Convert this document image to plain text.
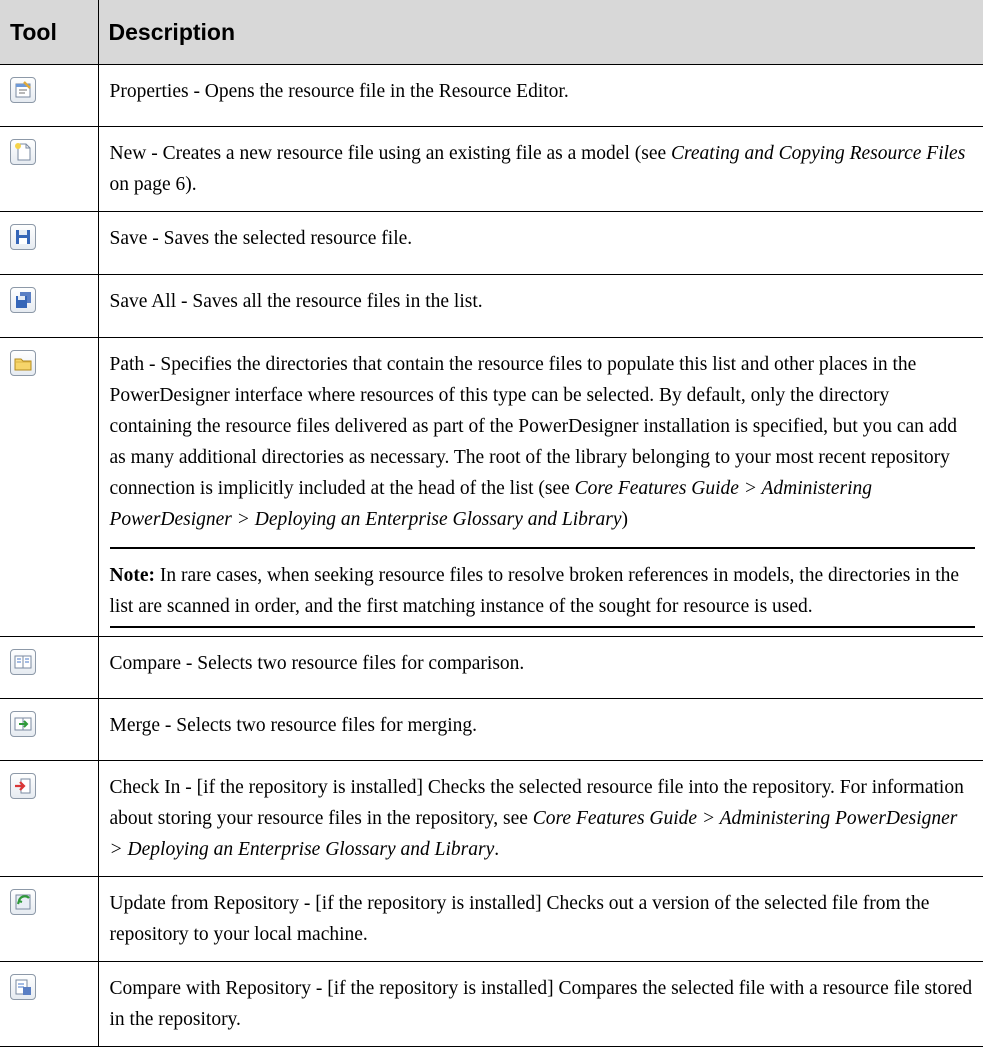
Tool	Description

Properties - Opens the resource file in the Resource Editor.

New - Creates a new resource file using an existing file as a model (see Creating and Copying Resource Files on page 6).

Save - Saves the selected resource file.

Save All - Saves all the resource files in the list.

Path - Specifies the directories that contain the resource files to populate this list and other places in the PowerDesigner interface where resources of this type can be selected. By default, only the directory containing the resource files delivered as part of the PowerDesigner installation is specified, but you can add as many additional directories as necessary. The root of the library belonging to your most recent repository connection is implicitly included at the head of the list (see Core Features Guide > Administering PowerDesigner > Deploying an Enterprise Glossary and Library)

Note: In rare cases, when seeking resource files to resolve broken references in models, the directories in the list are scanned in order, and the first matching instance of the sought for resource is used.

Compare - Selects two resource files for comparison.

Merge - Selects two resource files for merging.

Check In - [if the repository is installed] Checks the selected resource file into the repository. For information about storing your resource files in the repository, see Core Features Guide > Administering PowerDesigner > Deploying an Enterprise Glossary and Library.

Update from Repository - [if the repository is installed] Checks out a version of the selected file from the repository to your local machine.

Compare with Repository - [if the repository is installed] Compares the selected file with a resource file stored in the repository.
